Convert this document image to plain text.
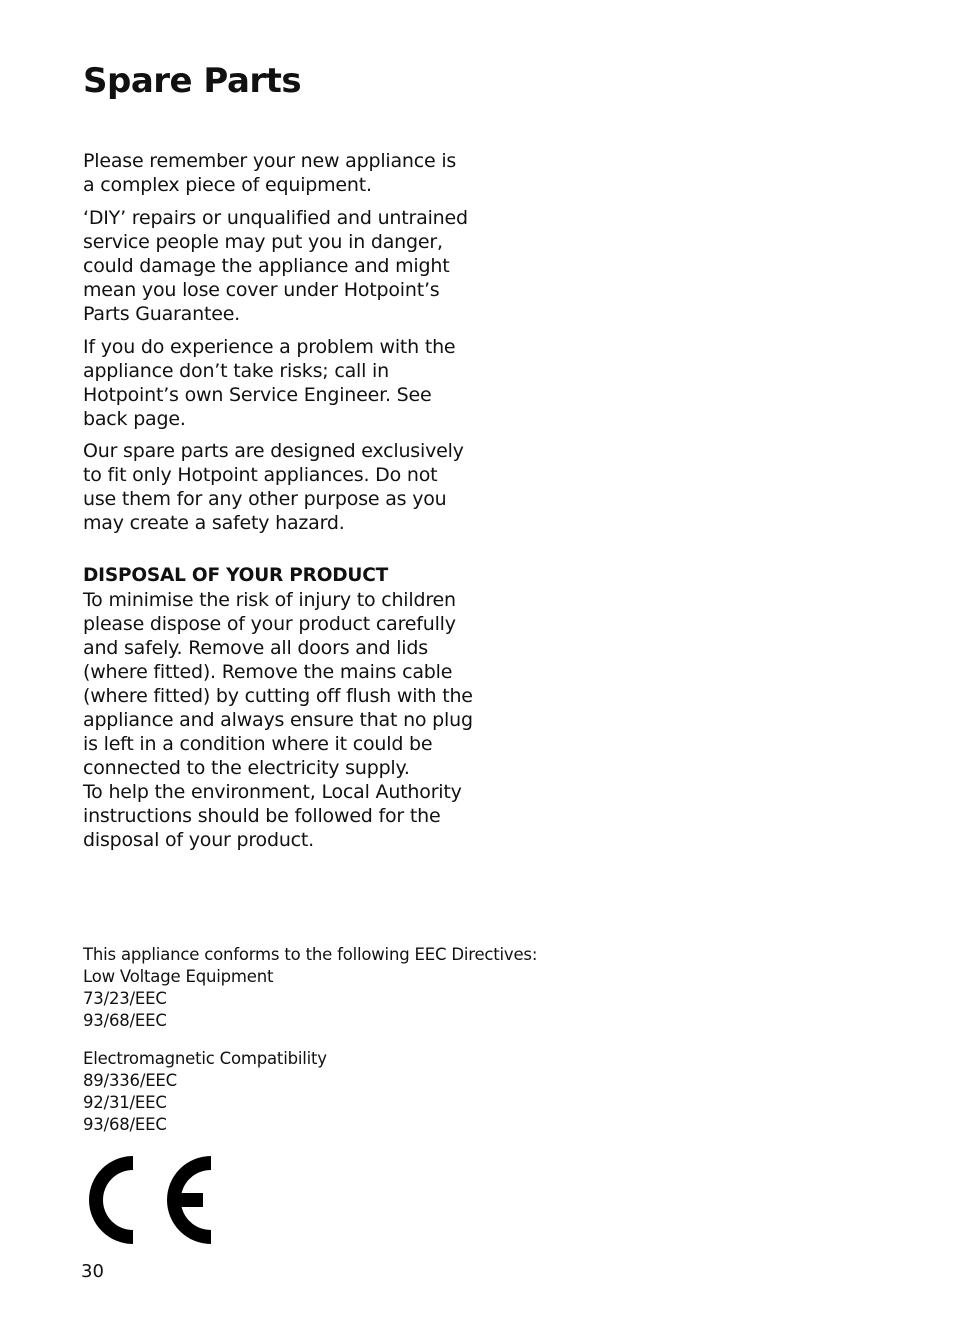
Spare Parts

Please remember your new appliance is a complex piece of equipment.

‘DIY’ repairs or unqualified and untrained service people may put you in danger, could damage the appliance and might mean you lose cover under Hotpoint’s Parts Guarantee.

If you do experience a problem with the appliance don’t take risks; call in Hotpoint’s own Service Engineer. See back page.

Our spare parts are designed exclusively to fit only Hotpoint appliances. Do not use them for any other purpose as you may create a safety hazard.

DISPOSAL OF YOUR PRODUCT

To minimise the risk of injury to children please dispose of your product carefully and safely. Remove all doors and lids (where fitted). Remove the mains cable (where fitted) by cutting off flush with the appliance and always ensure that no plug is left in a condition where it could be connected to the electricity supply.

To help the environment, Local Authority instructions should be followed for the disposal of your product.

This appliance conforms to the following EEC Directives:

Low Voltage Equipment

73/23/EEC

93/68/EEC

Electromagnetic Compatibility

89/336/EEC

92/31/EEC

93/68/EEC

30
